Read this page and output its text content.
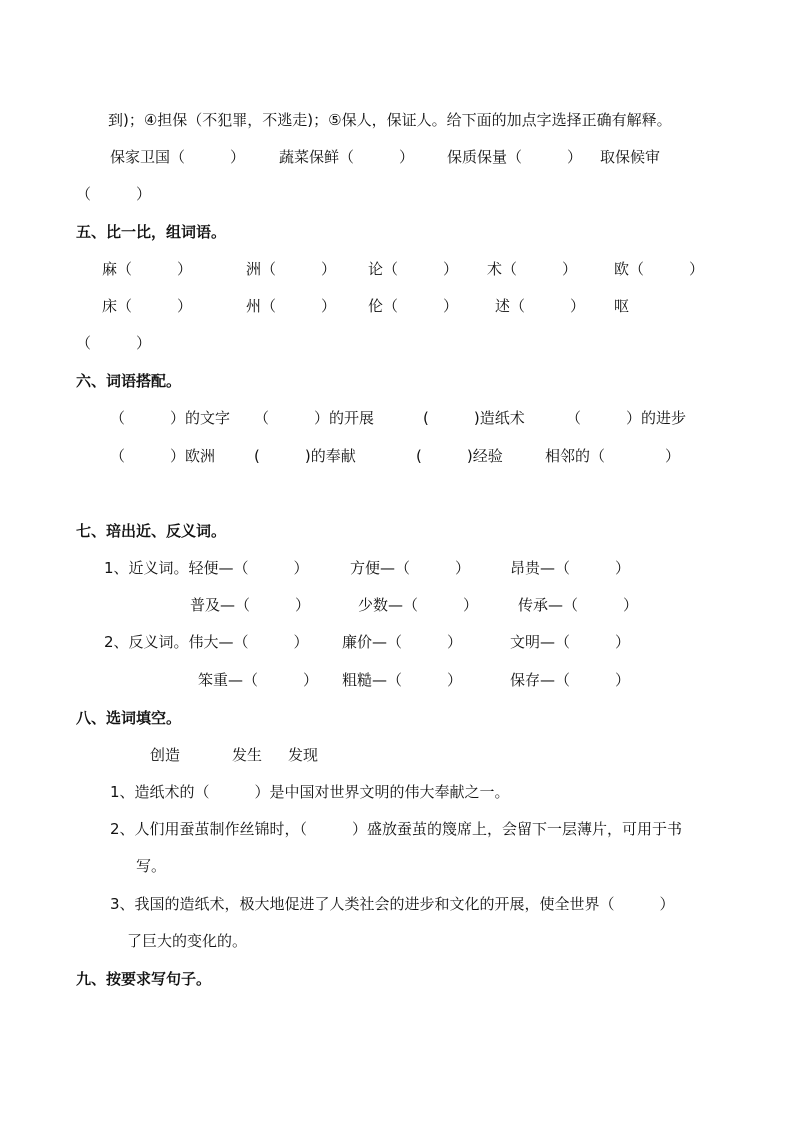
到)；④担保（不犯罪，不逃走)；⑤保人，保证人。给下面的加点字选择正确有解释。
保家卫国（　　　） 蔬菜保鲜（　　　） 保质保量（　　　） 取保候审
（　　　）
五、比一比，组词语。
麻（　　　）	洲（　　　） 论（　　　） 术（　　　） 欧（　　　）
床（　　　）	州（　　　） 伦（　　　） 述（　　　） 呕
（　　　）
六、词语搭配。
（　　　）的文字 （　　　）的开展	(　　　)造纸术	（　　　）的进步
（　　　）欧洲	(　　　)的奉献	(　　　)经验	相邻的（　　　　）
七、琣出近、反义词。
1、近义词。轻便—（　　　）	方便—（　　　）	昂贵—（　　　）
普及—（　　　）	少数—（　　　）	传承—（　　　）
2、反义词。伟大—（　　　） 廉价—（　　　）	文明—（　　　）
笨重—（　　　） 粗糙—（　　　）	保存—（　　　）
八、选词填空。
创造	发生 发现
1、造纸术的（　　　）是中国对世界文明的伟大奉献之一。
2、人们用蚕茧制作丝锦时，（　　　）盛放蚕茧的篾席上，会留下一层薄片，可用于书
写。
3、我国的造纸术，极大地促进了人类社会的进步和文化的开展，使全世界（　　　）
了巨大的变化的。
九、按要求写句子。
